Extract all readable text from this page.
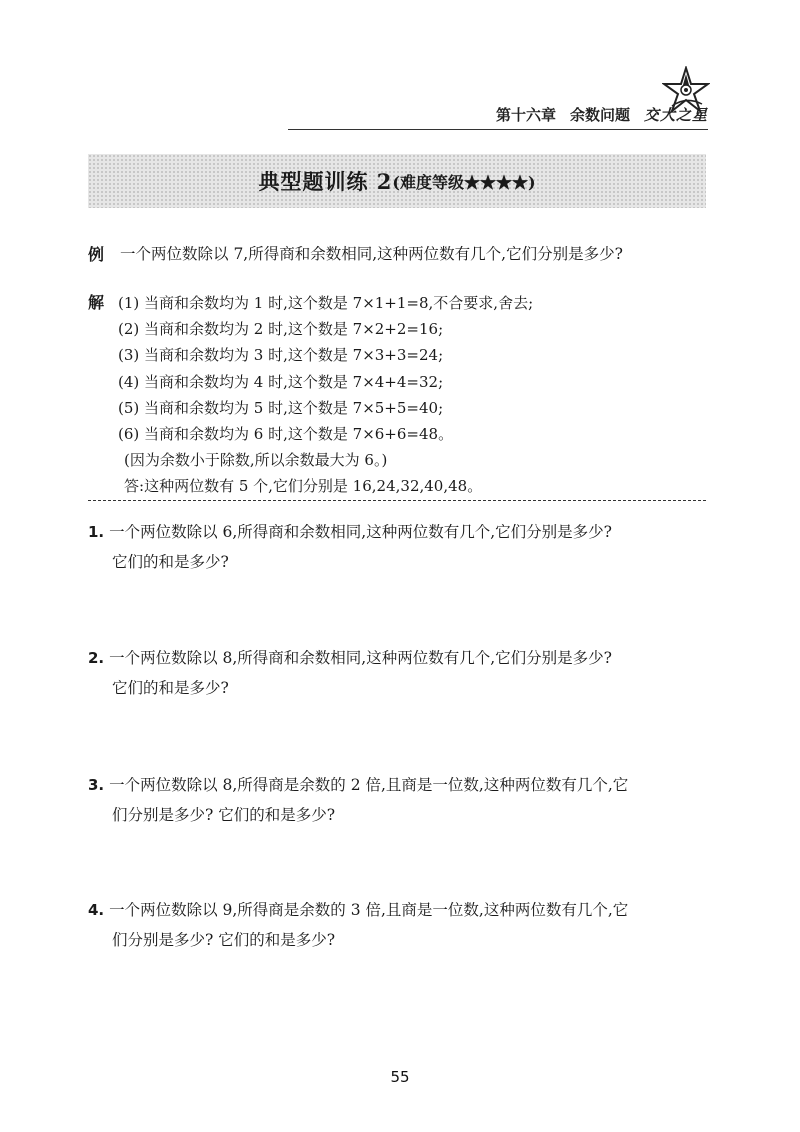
第十六章 余数问题 交大之星
典型题训练 2 (难度等级★★★★)
例 一个两位数除以 7,所得商和余数相同,这种两位数有几个,它们分别是多少?
解 (1) 当商和余数均为 1 时,这个数是 7×1+1=8,不合要求,舍去;
(2) 当商和余数均为 2 时,这个数是 7×2+2=16;
(3) 当商和余数均为 3 时,这个数是 7×3+3=24;
(4) 当商和余数均为 4 时,这个数是 7×4+4=32;
(5) 当商和余数均为 5 时,这个数是 7×5+5=40;
(6) 当商和余数均为 6 时,这个数是 7×6+6=48。
(因为余数小于除数,所以余数最大为 6。)
答:这种两位数有 5 个,它们分别是 16,24,32,40,48。
1. 一个两位数除以 6,所得商和余数相同,这种两位数有几个,它们分别是多少?
它们的和是多少?
2. 一个两位数除以 8,所得商和余数相同,这种两位数有几个,它们分别是多少?
它们的和是多少?
3. 一个两位数除以 8,所得商是余数的 2 倍,且商是一位数,这种两位数有几个,它
们分别是多少? 它们的和是多少?
4. 一个两位数除以 9,所得商是余数的 3 倍,且商是一位数,这种两位数有几个,它
们分别是多少? 它们的和是多少?
55
